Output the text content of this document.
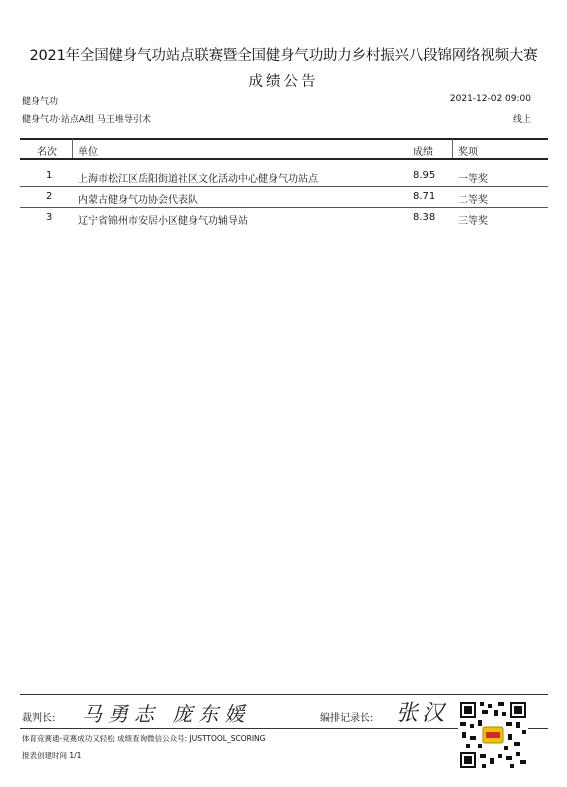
2021年全国健身气功站点联赛暨全国健身气功助力乡村振兴八段锦网络视频大赛
成绩公告
健身气功	2021-12-02 09:00
健身气功·站点A组 马王堆导引术	线上
名次 单位	成绩	奖项
1	上海市松江区岳阳街道社区文化活动中心健身气功站点	8.95 一等奖
2	内蒙古健身气功协会代表队	8.71 二等奖
3	辽宁省锦州市安居小区健身气功辅导站	8.38 三等奖
裁判长: 马勇志 庞东媛	编排记录长: 张汉
体育竞赛通-竞赛成功又轻松 成绩查询微信公众号: JUSTTOOL_SCORING
报表创建时间 1/1
